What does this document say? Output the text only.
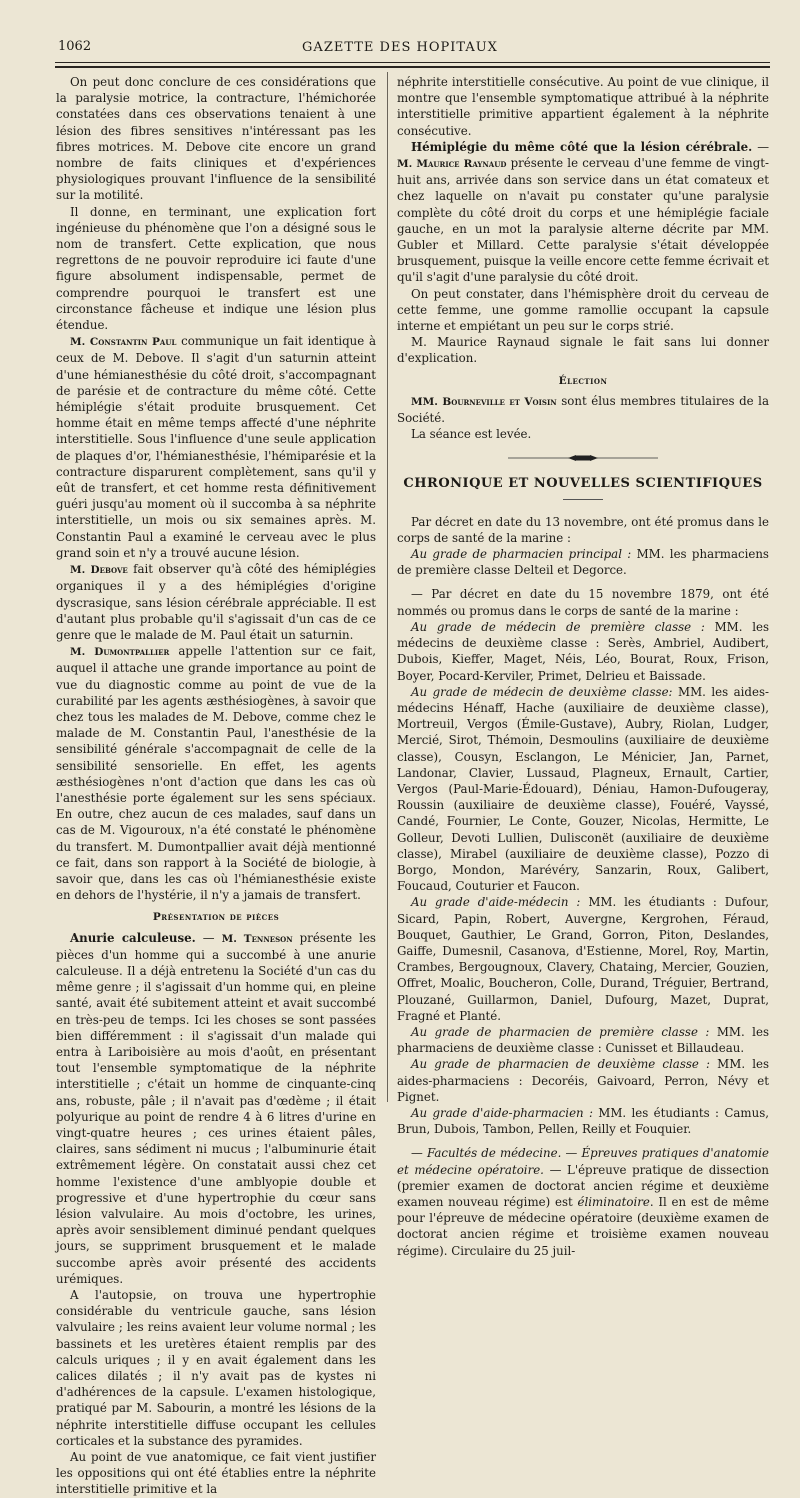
1062	GAZETTE DES HOPITAUX

On peut donc conclure de ces considérations que la paralysie motrice, la contracture, l'hémichorée constatées dans ces observations tenaient à une lésion des fibres sensitives n'intéressant pas les fibres motrices. M. Debove cite encore un grand nombre de faits cliniques et d'expériences physiologiques prouvant l'influence de la sensibilité sur la motilité.

Il donne, en terminant, une explication fort ingénieuse du phénomène que l'on a désigné sous le nom de transfert. Cette explication, que nous regrettons de ne pouvoir reproduire ici faute d'une figure absolument indispensable, permet de comprendre pourquoi le transfert est une circonstance fâcheuse et indique une lésion plus étendue.

M. Constantin Paul communique un fait identique à ceux de M. Debove. Il s'agit d'un saturnin atteint d'une hémianesthésie du côté droit, s'accompagnant de parésie et de contracture du même côté. Cette hémiplégie s'était produite brusquement. Cet homme était en même temps affecté d'une néphrite interstitielle. Sous l'influence d'une seule application de plaques d'or, l'hémianesthésie, l'hémiparésie et la contracture disparurent complètement, sans qu'il y eût de transfert, et cet homme resta définitivement guéri jusqu'au moment où il succomba à sa néphrite interstitielle, un mois ou six semaines après. M. Constantin Paul a examiné le cerveau avec le plus grand soin et n'y a trouvé aucune lésion.

M. Debove fait observer qu'à côté des hémiplégies organiques il y a des hémiplégies d'origine dyscrasique, sans lésion cérébrale appréciable. Il est d'autant plus probable qu'il s'agissait d'un cas de ce genre que le malade de M. Paul était un saturnin.

M. Dumontpallier appelle l'attention sur ce fait, auquel il attache une grande importance au point de vue du diagnostic comme au point de vue de la curabilité par les agents æsthésiogènes, à savoir que chez tous les malades de M. Debove, comme chez le malade de M. Constantin Paul, l'anesthésie de la sensibilité générale s'accompagnait de celle de la sensibilité sensorielle. En effet, les agents æsthésiogènes n'ont d'action que dans les cas où l'anesthésie porte également sur les sens spéciaux. En outre, chez aucun de ces malades, sauf dans un cas de M. Vigouroux, n'a été constaté le phénomène du transfert. M. Dumontpallier avait déjà mentionné ce fait, dans son rapport à la Société de biologie, à savoir que, dans les cas où l'hémianesthésie existe en dehors de l'hystérie, il n'y a jamais de transfert.

Présentation de pièces

Anurie calculeuse. — M. Tenneson présente les pièces d'un homme qui a succombé à une anurie calculeuse. Il a déjà entretenu la Société d'un cas du même genre ; il s'agissait d'un homme qui, en pleine santé, avait été subitement atteint et avait succombé en très-peu de temps. Ici les choses se sont passées bien différemment : il s'agissait d'un malade qui entra à Lariboisière au mois d'août, en présentant tout l'ensemble symptomatique de la néphrite interstitielle ; c'était un homme de cinquante-cinq ans, robuste, pâle ; il n'avait pas d'œdème ; il était polyurique au point de rendre 4 à 6 litres d'urine en vingt-quatre heures ; ces urines étaient pâles, claires, sans sédiment ni mucus ; l'albuminurie était extrêmement légère. On constatait aussi chez cet homme l'existence d'une amblyopie double et progressive et d'une hypertrophie du cœur sans lésion valvulaire. Au mois d'octobre, les urines, après avoir sensiblement diminué pendant quelques jours, se suppriment brusquement et le malade succombe après avoir présenté des accidents urémiques.

A l'autopsie, on trouva une hypertrophie considérable du ventricule gauche, sans lésion valvulaire ; les reins avaient leur volume normal ; les bassinets et les uretères étaient remplis par des calculs uriques ; il y en avait également dans les calices dilatés ; il n'y avait pas de kystes ni d'adhérences de la capsule. L'examen histologique, pratiqué par M. Sabourin, a montré les lésions de la néphrite interstitielle diffuse occupant les cellules corticales et la substance des pyramides.

Au point de vue anatomique, ce fait vient justifier les oppositions qui ont été établies entre la néphrite interstitielle primitive et la

néphrite interstitielle consécutive. Au point de vue clinique, il montre que l'ensemble symptomatique attribué à la néphrite interstitielle primitive appartient également à la néphrite consécutive.

Hémiplégie du même côté que la lésion cérébrale. — M. Maurice Raynaud présente le cerveau d'une femme de vingt-huit ans, arrivée dans son service dans un état comateux et chez laquelle on n'avait pu constater qu'une paralysie complète du côté droit du corps et une hémiplégie faciale gauche, en un mot la paralysie alterne décrite par MM. Gubler et Millard. Cette paralysie s'était développée brusquement, puisque la veille encore cette femme écrivait et qu'il s'agit d'une paralysie du côté droit.

On peut constater, dans l'hémisphère droit du cerveau de cette femme, une gomme ramollie occupant la capsule interne et empiétant un peu sur le corps strié.

M. Maurice Raynaud signale le fait sans lui donner d'explication.

Élection

MM. Bourneville et Voisin sont élus membres titulaires de la Société.

La séance est levée.

CHRONIQUE ET NOUVELLES SCIENTIFIQUES

Par décret en date du 13 novembre, ont été promus dans le corps de santé de la marine :

Au grade de pharmacien principal : MM. les pharmaciens de première classe Delteil et Degorce.

— Par décret en date du 15 novembre 1879, ont été nommés ou promus dans le corps de santé de la marine :

Au grade de médecin de première classe : MM. les médecins de deuxième classe : Serès, Ambriel, Audibert, Dubois, Kieffer, Maget, Néis, Léo, Bourat, Roux, Frison, Boyer, Pocard-Kerviler, Primet, Delrieu et Baissade.

Au grade de médecin de deuxième classe: MM. les aides-médecins Hénaff, Hache (auxiliaire de deuxième classe), Mortreuil, Vergos (Émile-Gustave), Aubry, Riolan, Ludger, Mercié, Sirot, Thémoin, Desmoulins (auxiliaire de deuxième classe), Cousyn, Esclangon, Le Ménicier, Jan, Parnet, Landonar, Clavier, Lussaud, Plagneux, Ernault, Cartier, Vergos (Paul-Marie-Édouard), Déniau, Hamon-Dufougeray, Roussin (auxiliaire de deuxième classe), Fouéré, Vayssé, Candé, Fournier, Le Conte, Gouzer, Nicolas, Hermitte, Le Golleur, Devoti Lullien, Dulisconët (auxiliaire de deuxième classe), Mirabel (auxiliaire de deuxième classe), Pozzo di Borgo, Mondon, Marévéry, Sanzarin, Roux, Galibert, Foucaud, Couturier et Faucon.

Au grade d'aide-médecin : MM. les étudiants : Dufour, Sicard, Papin, Robert, Auvergne, Kergrohen, Féraud, Bouquet, Gauthier, Le Grand, Gorron, Piton, Deslandes, Gaiffe, Dumesnil, Casanova, d'Estienne, Morel, Roy, Martin, Crambes, Bergougnoux, Clavery, Chataing, Mercier, Gouzien, Offret, Moalic, Boucheron, Colle, Durand, Tréguier, Bertrand, Plouzané, Guillarmon, Daniel, Dufourg, Mazet, Duprat, Fragné et Planté.

Au grade de pharmacien de première classe : MM. les pharmaciens de deuxième classe : Cunisset et Billaudeau.

Au grade de pharmacien de deuxième classe : MM. les aides-pharmaciens : Decoréis, Gaivoard, Perron, Névy et Pignet.

Au grade d'aide-pharmacien : MM. les étudiants : Camus, Brun, Dubois, Tambon, Pellen, Reilly et Fouquier.

— Facultés de médecine. — Épreuves pratiques d'anatomie et médecine opératoire. — L'épreuve pratique de dissection (premier examen de doctorat ancien régime et deuxième examen nouveau régime) est éliminatoire. Il en est de même pour l'épreuve de médecine opératoire (deuxième examen de doctorat ancien régime et troisième examen nouveau régime). Circulaire du 25 juil-
